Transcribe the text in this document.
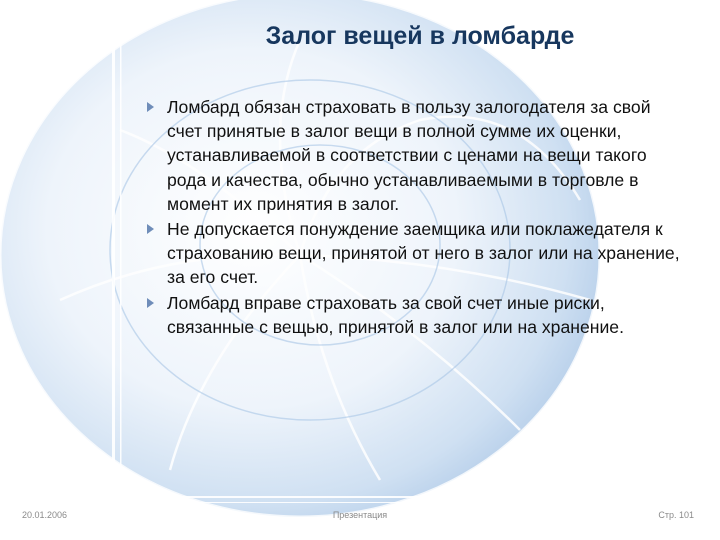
Залог вещей в ломбарде
Ломбард обязан страховать в пользу залогодателя за свой счет принятые в залог вещи в полной сумме их оценки, устанавливаемой в соответствии с ценами на вещи такого рода и качества, обычно устанавливаемыми в торговле в момент их принятия в залог.
Не допускается понуждение заемщика или поклажедателя к страхованию вещи, принятой от него в залог или на хранение, за его счет.
Ломбард вправе страховать за свой счет иные риски, связанные с вещью, принятой в залог или на хранение.
20.01.2006	Презентация	Стр. 101
